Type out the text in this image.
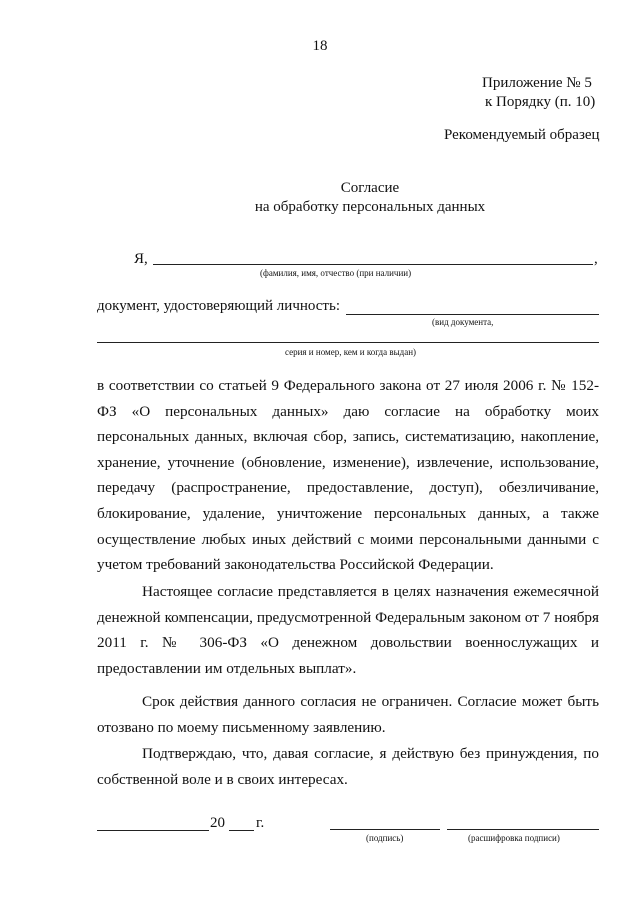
18
Приложение № 5
к Порядку (п. 10)
Рекомендуемый образец
Согласие
на обработку персональных данных
Я,	,
(фамилия, имя, отчество (при наличии)
документ, удостоверяющий личность:
(вид документа,
серия и номер, кем и когда выдан)
в соответствии со статьей 9 Федерального закона от 27 июля 2006 г. № 152-ФЗ «О персональных данных» даю согласие на обработку моих персональных данных, включая сбор, запись, систематизацию, накопление, хранение, уточнение (обновление, изменение), извлечение, использование, передачу (распространение, предоставление, доступ), обезличивание, блокирование, удаление, уничтожение персональных данных, а также осуществление любых иных действий с моими персональными данными с учетом требований законодательства Российской Федерации.
Настоящее согласие представляется в целях назначения ежемесячной денежной компенсации, предусмотренной Федеральным законом от 7 ноября 2011 г. № 306-ФЗ «О денежном довольствии военнослужащих и предоставлении им отдельных выплат».
Срок действия данного согласия не ограничен. Согласие может быть отозвано по моему письменному заявлению.
Подтверждаю, что, давая согласие, я действую без принуждения, по собственной воле и в своих интересах.
20 г.
(подпись)	(расшифровка подписи)
